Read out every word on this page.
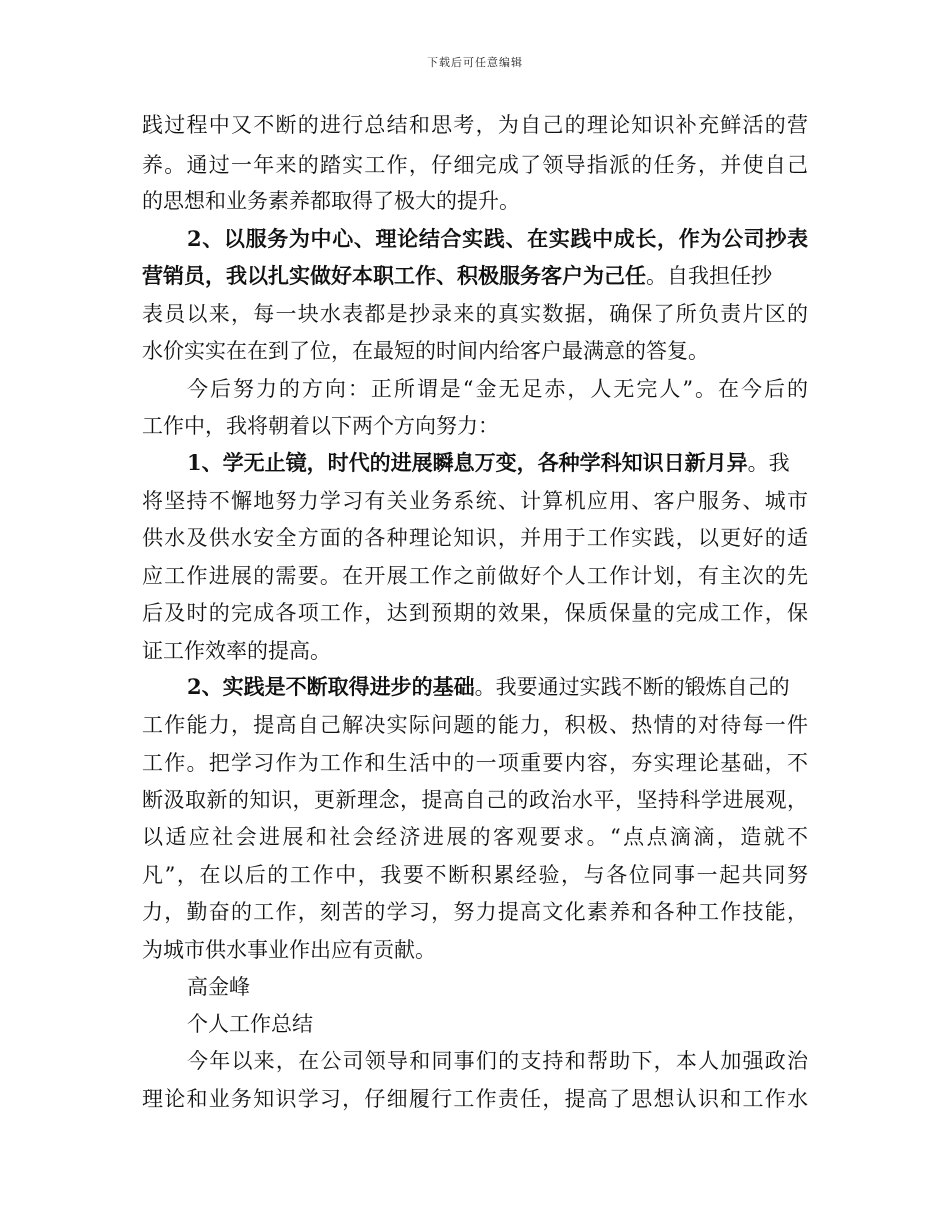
下载后可任意编辑
践过程中又不断的进行总结和思考，为自己的理论知识补充鲜活的营
养。通过一年来的踏实工作，仔细完成了领导指派的任务，并使自己
的思想和业务素养都取得了极大的提升。
2、以服务为中心、理论结合实践、在实践中成长，作为公司抄表
营销员，我以扎实做好本职工作、积极服务客户为己任。自我担任抄
表员以来，每一块水表都是抄录来的真实数据，确保了所负责片区的
水价实实在在到了位，在最短的时间内给客户最满意的答复。
今后努力的方向：正所谓是“金无足赤，人无完人”。在今后的
工作中，我将朝着以下两个方向努力：
1、学无止镜，时代的进展瞬息万变，各种学科知识日新月异。我
将坚持不懈地努力学习有关业务系统、计算机应用、客户服务、城市
供水及供水安全方面的各种理论知识，并用于工作实践，以更好的适
应工作进展的需要。在开展工作之前做好个人工作计划，有主次的先
后及时的完成各项工作，达到预期的效果，保质保量的完成工作，保
证工作效率的提高。
2、实践是不断取得进步的基础。我要通过实践不断的锻炼自己的
工作能力，提高自己解决实际问题的能力，积极、热情的对待每一件
工作。把学习作为工作和生活中的一项重要内容，夯实理论基础，不
断汲取新的知识，更新理念，提高自己的政治水平，坚持科学进展观，
以适应社会进展和社会经济进展的客观要求。“点点滴滴，造就不
凡”，在以后的工作中，我要不断积累经验，与各位同事一起共同努
力，勤奋的工作，刻苦的学习，努力提高文化素养和各种工作技能，
为城市供水事业作出应有贡献。
高金峰
个人工作总结
今年以来，在公司领导和同事们的支持和帮助下，本人加强政治
理论和业务知识学习，仔细履行工作责任，提高了思想认识和工作水
